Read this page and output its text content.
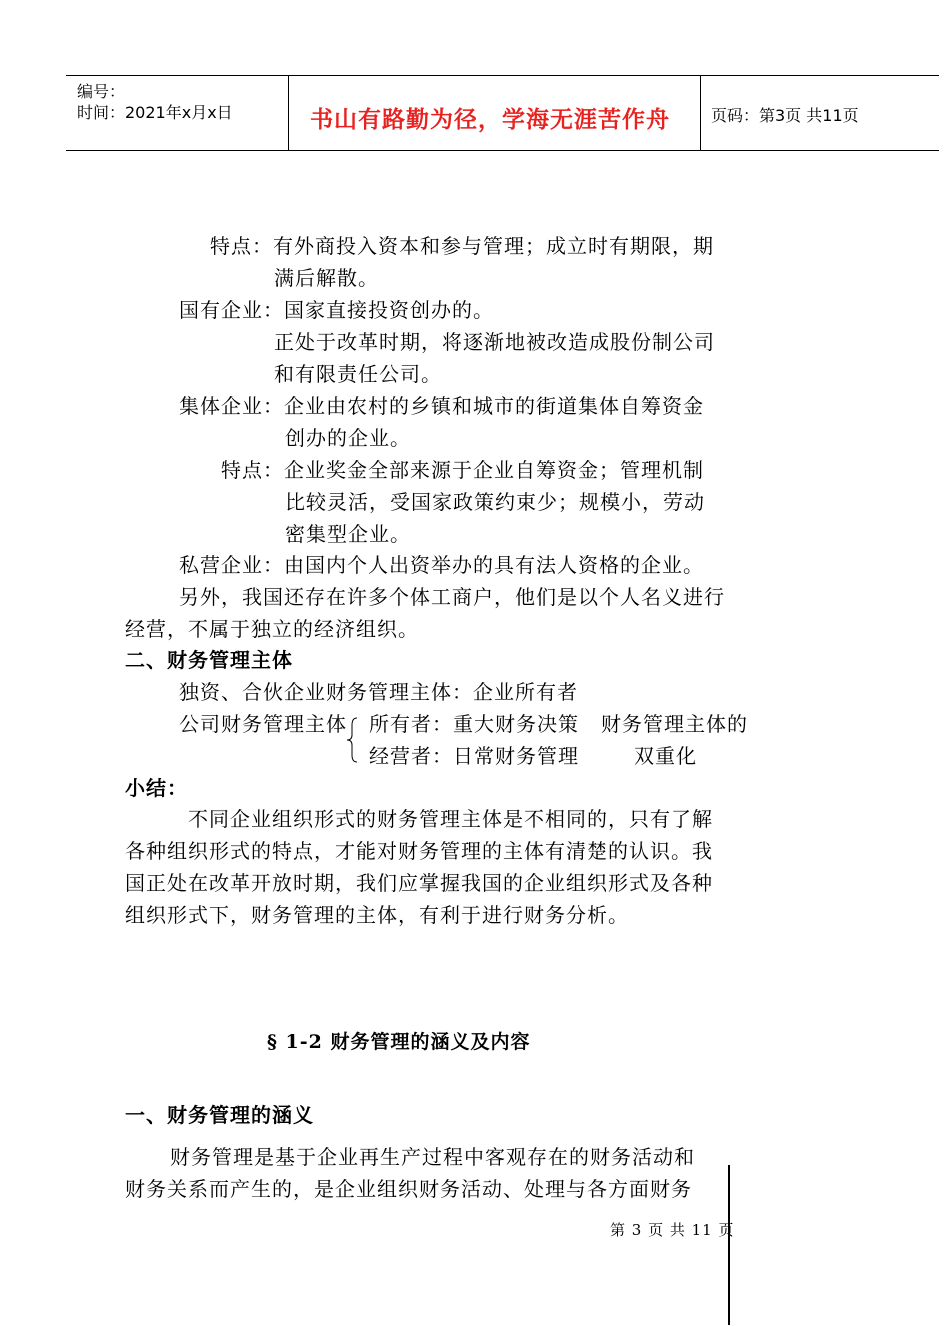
编号：
时间：2021年x月x日	书山有路勤为径，学海无涯苦作舟	页码：第3页 共11页
特点：有外商投入资本和参与管理；成立时有期限，期
满后解散。
国有企业：国家直接投资创办的。
正处于改革时期，将逐渐地被改造成股份制公司
和有限责任公司。
集体企业：企业由农村的乡镇和城市的街道集体自筹资金
创办的企业。
特点：企业奖金全部来源于企业自筹资金；管理机制
比较灵活，受国家政策约束少；规模小，劳动
密集型企业。
私营企业：由国内个人出资举办的具有法人资格的企业。
另外，我国还存在许多个体工商户，他们是以个人名义进行
经营，不属于独立的经济组织。
二、财务管理主体
独资、合伙企业财务管理主体：企业所有者
公司财务管理主体 所有者：重大财务决策 财务管理主体的
经营者：日常财务管理	双重化
小结：
不同企业组织形式的财务管理主体是不相同的，只有了解
各种组织形式的特点，才能对财务管理的主体有清楚的认识。我
国正处在改革开放时期，我们应掌握我国的企业组织形式及各种
组织形式下，财务管理的主体，有利于进行财务分析。
§ 1-2 财务管理的涵义及内容
一、财务管理的涵义
财务管理是基于企业再生产过程中客观存在的财务活动和
财务关系而产生的，是企业组织财务活动、处理与各方面财务
第 3 页 共 11 页
